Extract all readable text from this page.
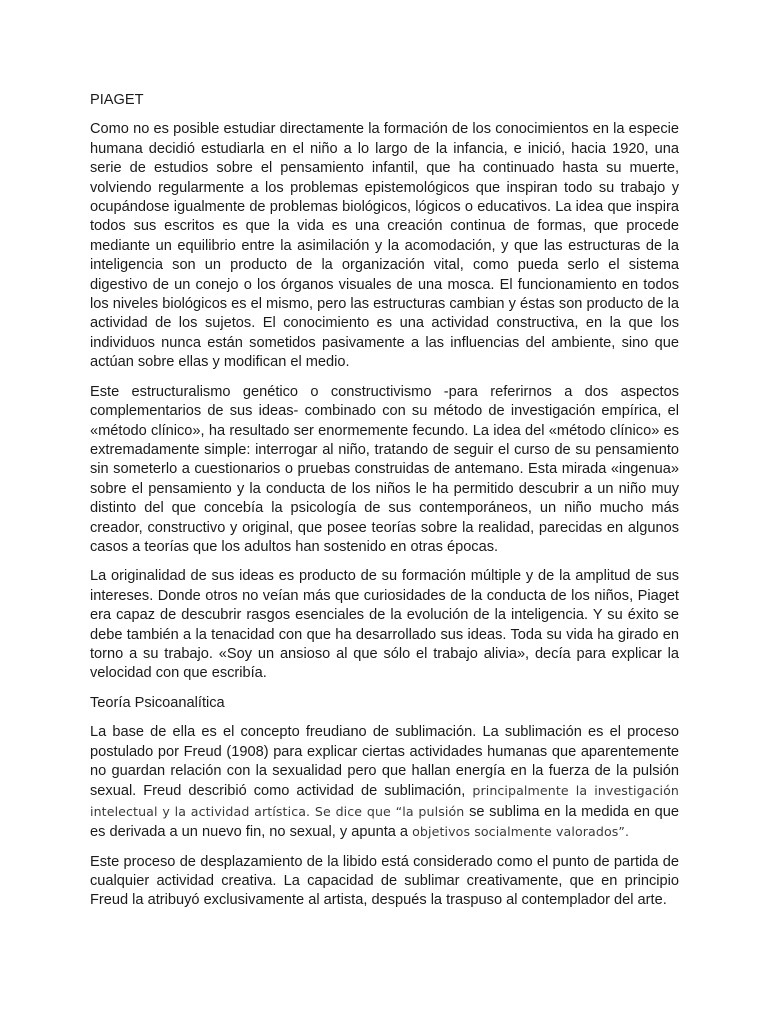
PIAGET

Como no es posible estudiar directamente la formación de los conocimientos en la especie humana decidió estudiarla en el niño a lo largo de la infancia, e inició, hacia 1920, una serie de estudios sobre el pensamiento infantil, que ha continuado hasta su muerte, volviendo regularmente a los problemas epistemológicos que inspiran todo su trabajo y ocupándose igualmente de problemas biológicos, lógicos o educativos. La idea que inspira todos sus escritos es que la vida es una creación continua de formas, que procede mediante un equilibrio entre la asimilación y la acomodación, y que las estructuras de la inteligencia son un producto de la organización vital, como pueda serlo el sistema digestivo de un conejo o los órganos visuales de una mosca. El funcionamiento en todos los niveles biológicos es el mismo, pero las estructuras cambian y éstas son producto de la actividad de los sujetos. El conocimiento es una actividad constructiva, en la que los individuos nunca están sometidos pasivamente a las influencias del ambiente, sino que actúan sobre ellas y modifican el medio.

Este estructuralismo genético o constructivismo -para referirnos a dos aspectos complementarios de sus ideas- combinado con su método de investigación empírica, el «método clínico», ha resultado ser enormemente fecundo. La idea del «método clínico» es extremadamente simple: interrogar al niño, tratando de seguir el curso de su pensamiento sin someterlo a cuestionarios o pruebas construidas de antemano. Esta mirada «ingenua» sobre el pensamiento y la conducta de los niños le ha permitido descubrir a un niño muy distinto del que concebía la psicología de sus contemporáneos, un niño mucho más creador, constructivo y original, que posee teorías sobre la realidad, parecidas en algunos casos a teorías que los adultos han sostenido en otras épocas.

La originalidad de sus ideas es producto de su formación múltiple y de la amplitud de sus intereses. Donde otros no veían más que curiosidades de la conducta de los niños, Piaget era capaz de descubrir rasgos esenciales de la evolución de la inteligencia. Y su éxito se debe también a la tenacidad con que ha desarrollado sus ideas. Toda su vida ha girado en torno a su trabajo. «Soy un ansioso al que sólo el trabajo alivia», decía para explicar la velocidad con que escribía.

Teoría Psicoanalítica

La base de ella es el concepto freudiano de sublimación. La sublimación es el proceso postulado por Freud (1908) para explicar ciertas actividades humanas que aparentemente no guardan relación con la sexualidad pero que hallan energía en la fuerza de la pulsión sexual. Freud describió como actividad de sublimación, principalmente la investigación intelectual y la actividad artística. Se dice que “la pulsión se sublima en la medida en que es derivada a un nuevo fin, no sexual, y apunta a objetivos socialmente valorados”.

Este proceso de desplazamiento de la libido está considerado como el punto de partida de cualquier actividad creativa. La capacidad de sublimar creativamente, que en principio Freud la atribuyó exclusivamente al artista, después la traspuso al contemplador del arte.
